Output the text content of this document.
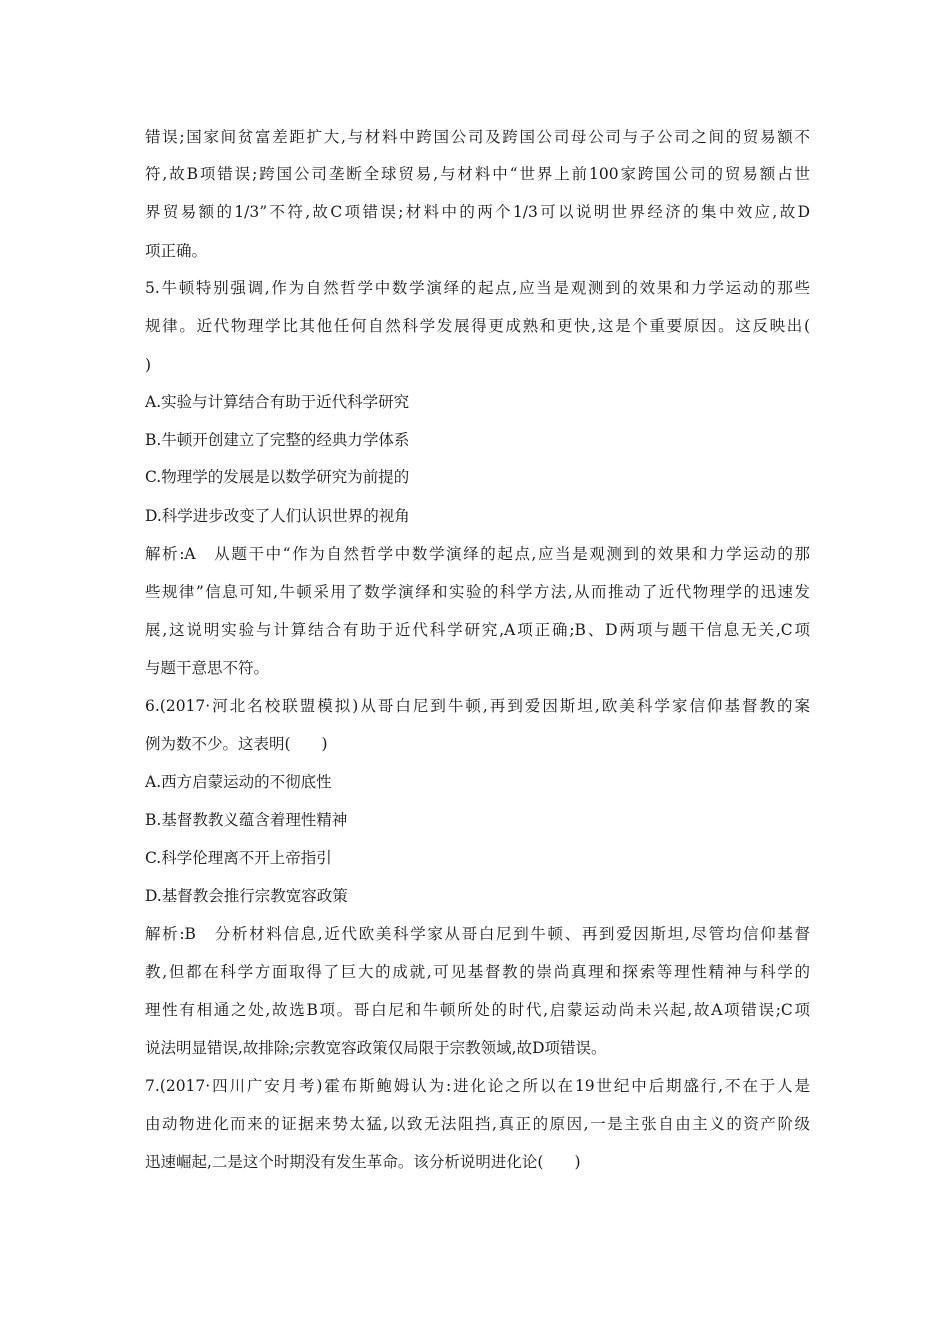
错误;国家间贫富差距扩大,与材料中跨国公司及跨国公司母公司与子公司之间的贸易额不
符,故B项错误;跨国公司垄断全球贸易,与材料中“世界上前100家跨国公司的贸易额占世
界贸易额的1/3”不符,故C项错误;材料中的两个1/3可以说明世界经济的集中效应,故D
项正确。
5.牛顿特别强调,作为自然哲学中数学演绎的起点,应当是观测到的效果和力学运动的那些
规律。近代物理学比其他任何自然科学发展得更成熟和更快,这是个重要原因。这反映出(
)
A.实验与计算结合有助于近代科学研究
B.牛顿开创建立了完整的经典力学体系
C.物理学的发展是以数学研究为前提的
D.科学进步改变了人们认识世界的视角
解析:A　从题干中“作为自然哲学中数学演绎的起点,应当是观测到的效果和力学运动的那
些规律”信息可知,牛顿采用了数学演绎和实验的科学方法,从而推动了近代物理学的迅速发
展,这说明实验与计算结合有助于近代科学研究,A项正确;B、D两项与题干信息无关,C项
与题干意思不符。
6.(2017·河北名校联盟模拟)从哥白尼到牛顿,再到爱因斯坦,欧美科学家信仰基督教的案
例为数不少。这表明(　　)
A.西方启蒙运动的不彻底性
B.基督教教义蕴含着理性精神
C.科学伦理离不开上帝指引
D.基督教会推行宗教宽容政策
解析:B　分析材料信息,近代欧美科学家从哥白尼到牛顿、再到爱因斯坦,尽管均信仰基督
教,但都在科学方面取得了巨大的成就,可见基督教的崇尚真理和探索等理性精神与科学的
理性有相通之处,故选B项。哥白尼和牛顿所处的时代,启蒙运动尚未兴起,故A项错误;C项
说法明显错误,故排除;宗教宽容政策仅局限于宗教领域,故D项错误。
7.(2017·四川广安月考)霍布斯鲍姆认为:进化论之所以在19世纪中后期盛行,不在于人是
由动物进化而来的证据来势太猛,以致无法阻挡,真正的原因,一是主张自由主义的资产阶级
迅速崛起,二是这个时期没有发生革命。该分析说明进化论(　　)
